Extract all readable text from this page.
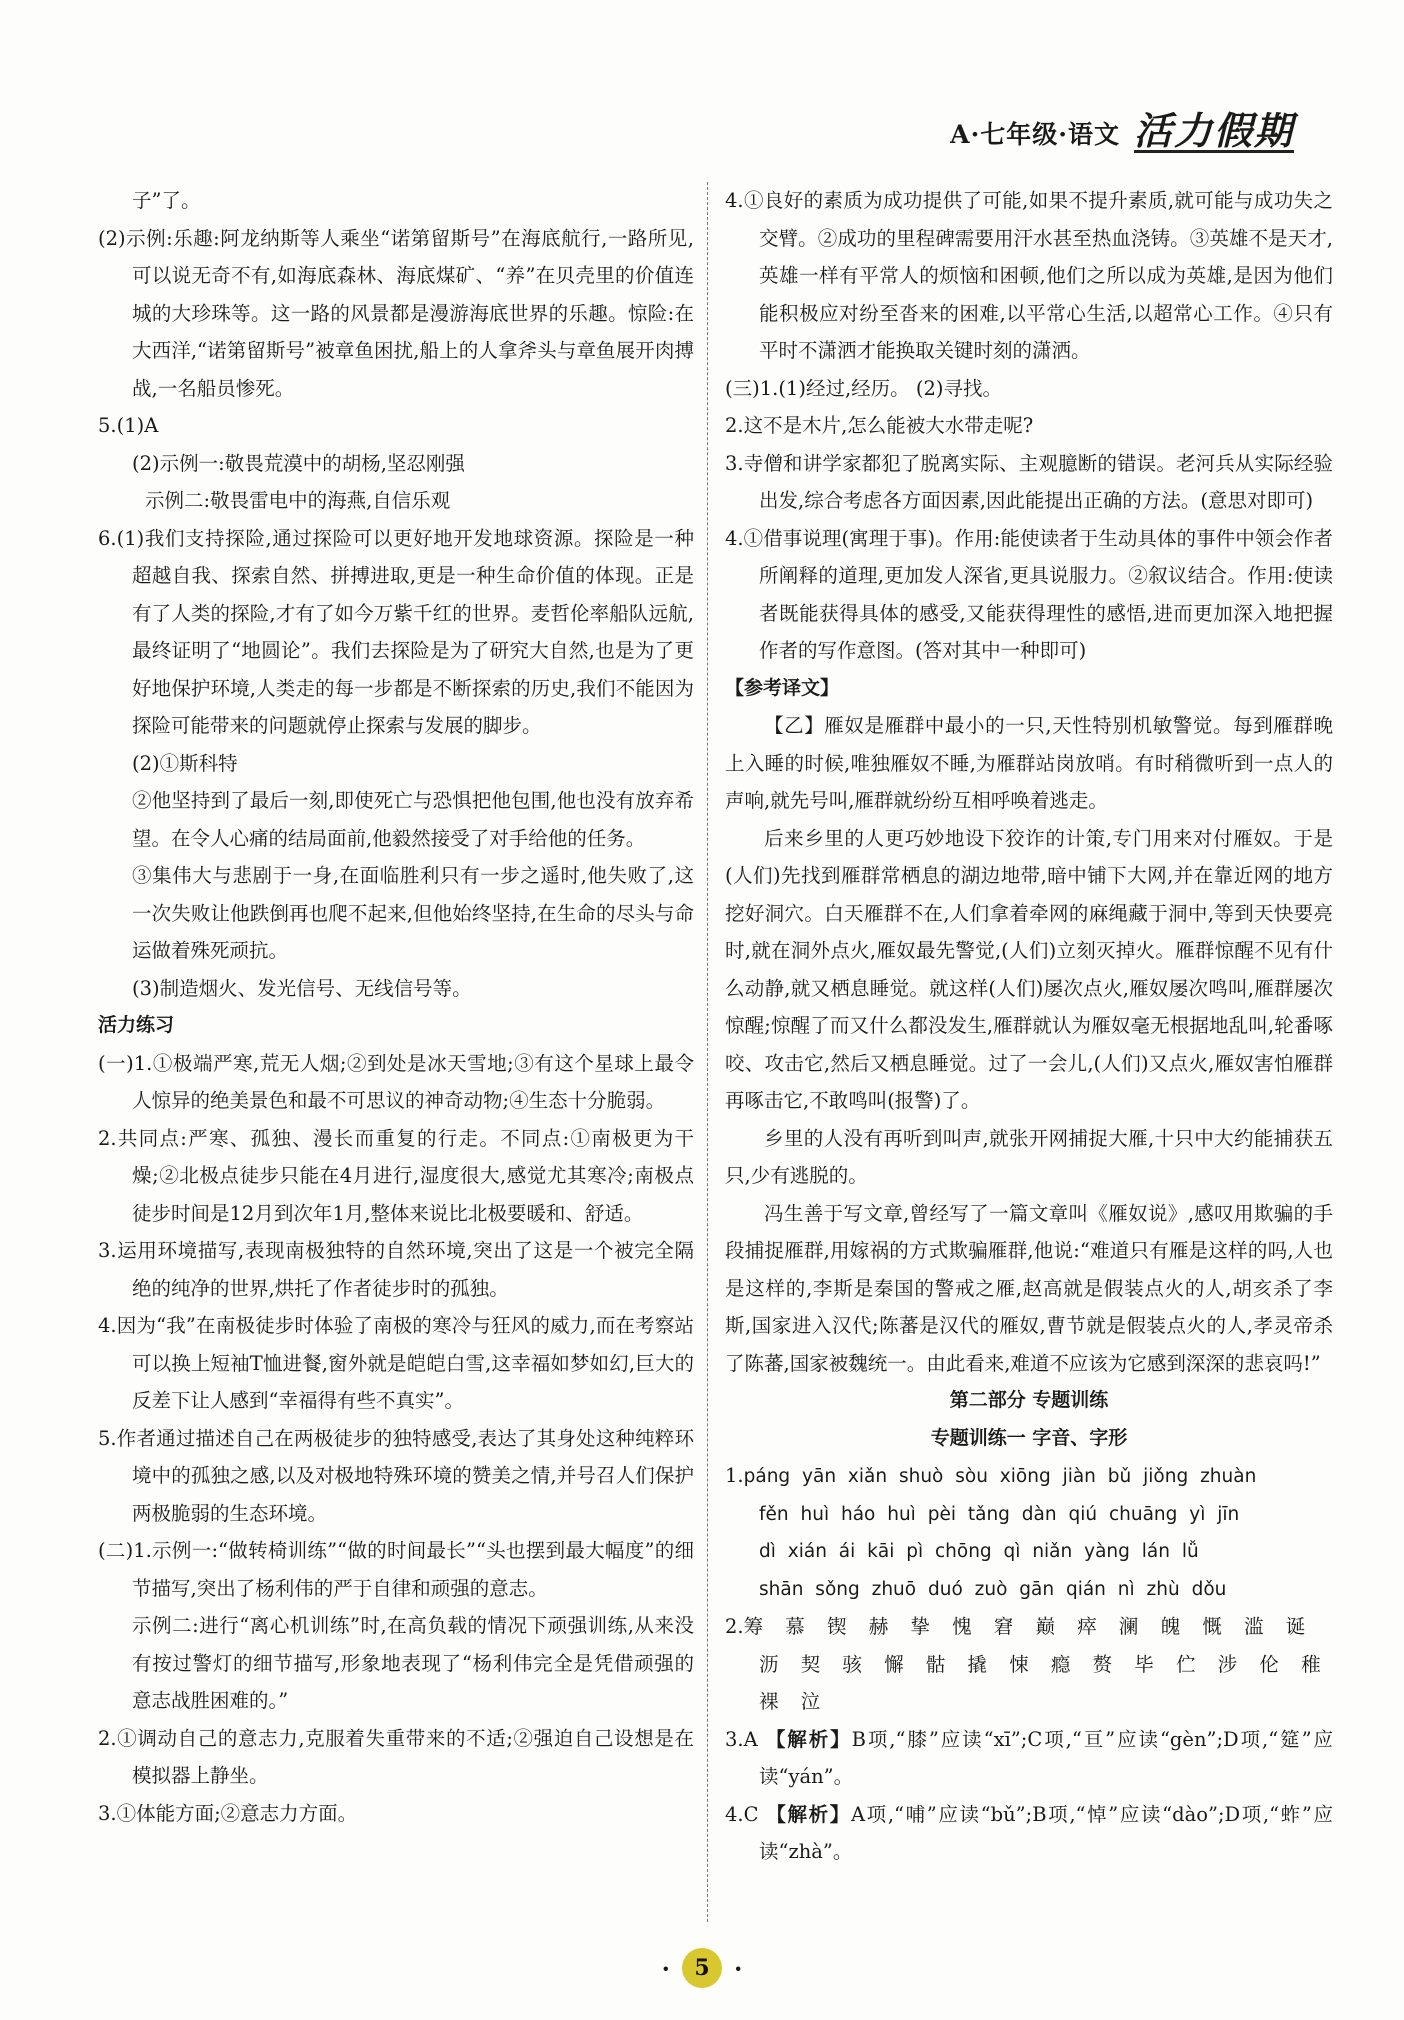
A·七年级·语文 活力假期

子”了。

(2)示例:乐趣:阿龙纳斯等人乘坐“诺第留斯号”在海底航行,一路所见,可以说无奇不有,如海底森林、海底煤矿、“养”在贝壳里的价值连城的大珍珠等。这一路的风景都是漫游海底世界的乐趣。惊险:在大西洋,“诺第留斯号”被章鱼困扰,船上的人拿斧头与章鱼展开肉搏战,一名船员惨死。

5.(1)A

(2)示例一:敬畏荒漠中的胡杨,坚忍刚强

示例二:敬畏雷电中的海燕,自信乐观

6.(1)我们支持探险,通过探险可以更好地开发地球资源。探险是一种超越自我、探索自然、拼搏进取,更是一种生命价值的体现。正是有了人类的探险,才有了如今万紫千红的世界。麦哲伦率船队远航,最终证明了“地圆论”。我们去探险是为了研究大自然,也是为了更好地保护环境,人类走的每一步都是不断探索的历史,我们不能因为探险可能带来的问题就停止探索与发展的脚步。

(2)①斯科特

②他坚持到了最后一刻,即使死亡与恐惧把他包围,他也没有放弃希望。在令人心痛的结局面前,他毅然接受了对手给他的任务。

③集伟大与悲剧于一身,在面临胜利只有一步之遥时,他失败了,这一次失败让他跌倒再也爬不起来,但他始终坚持,在生命的尽头与命运做着殊死顽抗。

(3)制造烟火、发光信号、无线信号等。

活力练习

(一)1.①极端严寒,荒无人烟;②到处是冰天雪地;③有这个星球上最令人惊异的绝美景色和最不可思议的神奇动物;④生态十分脆弱。

2.共同点:严寒、孤独、漫长而重复的行走。不同点:①南极更为干燥;②北极点徒步只能在4月进行,湿度很大,感觉尤其寒冷;南极点徒步时间是12月到次年1月,整体来说比北极要暖和、舒适。

3.运用环境描写,表现南极独特的自然环境,突出了这是一个被完全隔绝的纯净的世界,烘托了作者徒步时的孤独。

4.因为“我”在南极徒步时体验了南极的寒冷与狂风的威力,而在考察站可以换上短袖T恤进餐,窗外就是皑皑白雪,这幸福如梦如幻,巨大的反差下让人感到“幸福得有些不真实”。

5.作者通过描述自己在两极徒步的独特感受,表达了其身处这种纯粹环境中的孤独之感,以及对极地特殊环境的赞美之情,并号召人们保护两极脆弱的生态环境。

(二)1.示例一:“做转椅训练”“做的时间最长”“头也摆到最大幅度”的细节描写,突出了杨利伟的严于自律和顽强的意志。

示例二:进行“离心机训练”时,在高负载的情况下顽强训练,从来没有按过警灯的细节描写,形象地表现了“杨利伟完全是凭借顽强的意志战胜困难的。”

2.①调动自己的意志力,克服着失重带来的不适;②强迫自己设想是在模拟器上静坐。

3.①体能方面;②意志力方面。

4.①良好的素质为成功提供了可能,如果不提升素质,就可能与成功失之交臂。②成功的里程碑需要用汗水甚至热血浇铸。③英雄不是天才,英雄一样有平常人的烦恼和困顿,他们之所以成为英雄,是因为他们能积极应对纷至沓来的困难,以平常心生活,以超常心工作。④只有平时不潇洒才能换取关键时刻的潇洒。

(三)1.(1)经过,经历。 (2)寻找。

2.这不是木片,怎么能被大水带走呢?

3.寺僧和讲学家都犯了脱离实际、主观臆断的错误。老河兵从实际经验出发,综合考虑各方面因素,因此能提出正确的方法。(意思对即可)

4.①借事说理(寓理于事)。作用:能使读者于生动具体的事件中领会作者所阐释的道理,更加发人深省,更具说服力。②叙议结合。作用:使读者既能获得具体的感受,又能获得理性的感悟,进而更加深入地把握作者的写作意图。(答对其中一种即可)

【参考译文】

【乙】雁奴是雁群中最小的一只,天性特别机敏警觉。每到雁群晚上入睡的时候,唯独雁奴不睡,为雁群站岗放哨。有时稍微听到一点人的声响,就先号叫,雁群就纷纷互相呼唤着逃走。

后来乡里的人更巧妙地设下狡诈的计策,专门用来对付雁奴。于是(人们)先找到雁群常栖息的湖边地带,暗中铺下大网,并在靠近网的地方挖好洞穴。白天雁群不在,人们拿着牵网的麻绳藏于洞中,等到天快要亮时,就在洞外点火,雁奴最先警觉,(人们)立刻灭掉火。雁群惊醒不见有什么动静,就又栖息睡觉。就这样(人们)屡次点火,雁奴屡次鸣叫,雁群屡次惊醒;惊醒了而又什么都没发生,雁群就认为雁奴毫无根据地乱叫,轮番啄咬、攻击它,然后又栖息睡觉。过了一会儿,(人们)又点火,雁奴害怕雁群再啄击它,不敢鸣叫(报警)了。

乡里的人没有再听到叫声,就张开网捕捉大雁,十只中大约能捕获五只,少有逃脱的。

冯生善于写文章,曾经写了一篇文章叫《雁奴说》,感叹用欺骗的手段捕捉雁群,用嫁祸的方式欺骗雁群,他说:“难道只有雁是这样的吗,人也是这样的,李斯是秦国的警戒之雁,赵高就是假装点火的人,胡亥杀了李斯,国家进入汉代;陈蕃是汉代的雁奴,曹节就是假装点火的人,孝灵帝杀了陈蕃,国家被魏统一。由此看来,难道不应该为它感到深深的悲哀吗!”

第二部分 专题训练

专题训练一 字音、字形

1.páng yān xiǎn shuò sòu xiōng jiàn bǔ jiǒng zhuàn

fěn huì háo huì pèi tǎng dàn qiú chuāng yì jīn

dì xián ái kāi pì chōng qì niǎn yàng lán lǚ

shān sǒng zhuō duó zuò gān qián nì zhù dǒu

2.筹 慕 锲 赫 挚 愧 窘 巅 瘁 澜 魄 慨 滥 诞

沥 契 骇 懈 骷 撬 悚 瘾 赘 毕 伫 涉 伦 稚

裸 泣

3.A 【解析】B项,“膝”应读“xī”;C项,“亘”应读“gèn”;D项,“筵”应读“yán”。

4.C 【解析】A项,“哺”应读“bǔ”;B项,“悼”应读“dào”;D项,“蚱”应读“zhà”。

·	5	·
